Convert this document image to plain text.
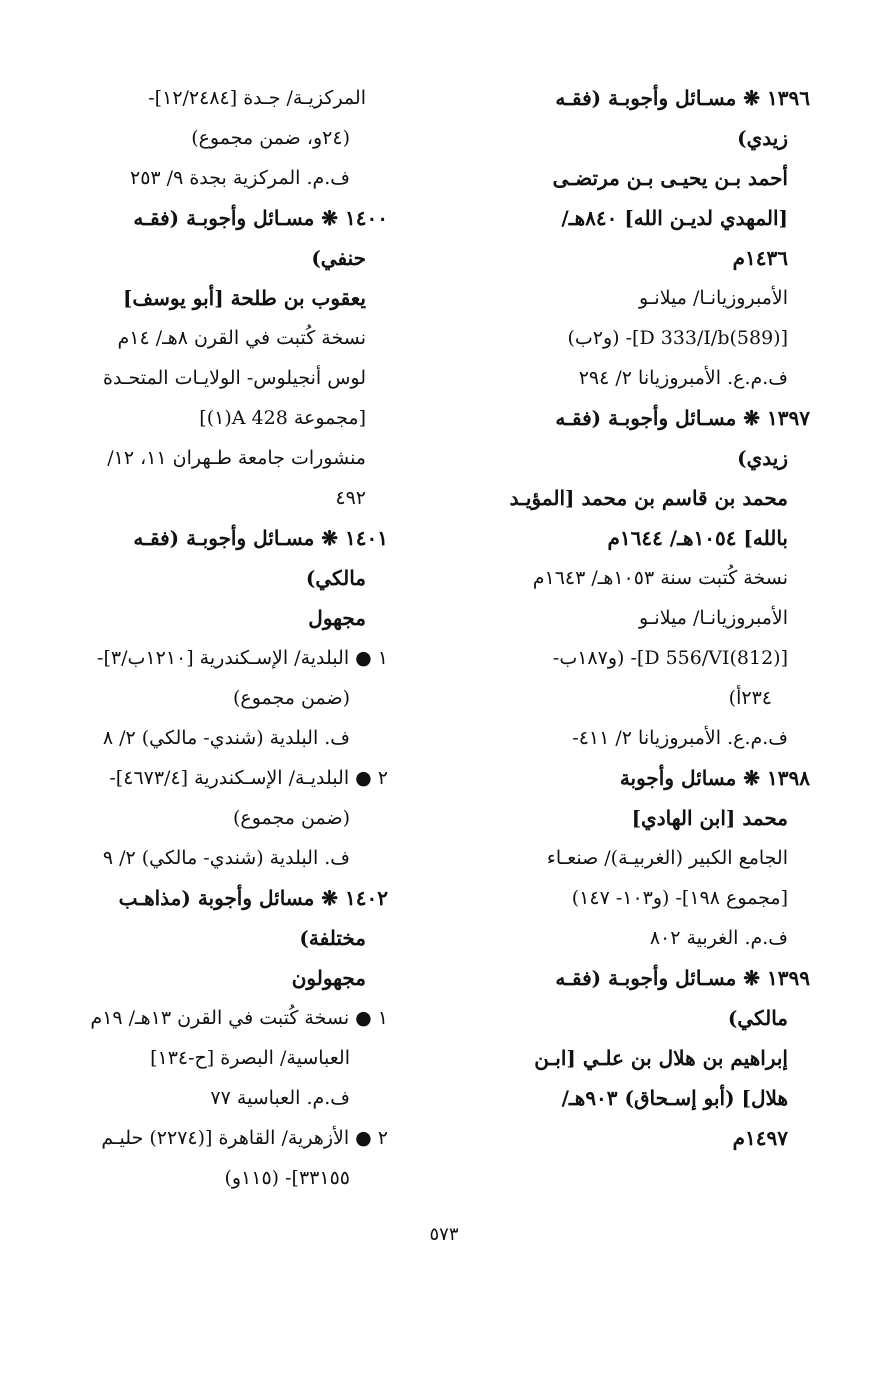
١٣٩٦ ❋ مسـائل وأجوبـة (فقـه
زيدي)
أحمد بـن يحيـى بـن مرتضـى
[المهدي لديـن الله] ٨٤٠هـ/
١٤٣٦م
الأمبروزيانـا/ ميلانـو
[D 333/I/b(589)]- (و٢ب)
ف.م.ع. الأمبروزيانا ٢/ ٢٩٤
١٣٩٧ ❋ مسـائل وأجوبـة (فقـه
زيدي)
محمد بن قاسم بن محمد [المؤيـد
بالله] ١٠٥٤هـ/ ١٦٤٤م
نسخة كُتبت سنة ١٠٥٣هـ/ ١٦٤٣م
الأمبروزيانـا/ ميلانـو
[D 556/VI(812)]- (و١٨٧ب-
٢٣٤أ)
ف.م.ع. الأمبروزيانا ٢/ ٤١١-
١٣٩٨ ❋ مسائل وأجوبة
محمد [ابن الهادي]
الجامع الكبير (الغربيـة)/ صنعـاء
[مجموع ١٩٨]- (و١٠٣- ١٤٧)
ف.م. الغربية ٨٠٢
١٣٩٩ ❋ مسـائل وأجوبـة (فقـه
مالكي)
إبراهيم بن هلال بن علـي [ابـن
هلال] (أبو إسـحاق) ٩٠٣هـ/
١٤٩٧م
المركزيـة/ جـدة [١٢/٢٤٨٤]-
(٢٤و، ضمن مجموع)
ف.م. المركزية بجدة ٩/ ٢٥٣
١٤٠٠ ❋ مسـائل وأجوبـة (فقـه
حنفي)
يعقوب بن طلحة [أبو يوسف]
نسخة كُتبت في القرن ٨هـ/ ١٤م
لوس أنجيلوس- الولايـات المتحـدة
[مجموعة A 428(١)]
منشورات جامعة طـهران ١١، ١٢/
٤٩٢
١٤٠١ ❋ مسـائل وأجوبـة (فقـه
مالكي)
مجهول
١ ● البلدية/ الإسـكندرية [١٢١٠ب/٣]-
(ضمن مجموع)
ف. البلدية (شندي- مالكي) ٢/ ٨
٢ ● البلديـة/ الإسـكندرية [٤٦٧٣/٤]-
(ضمن مجموع)
ف. البلدية (شندي- مالكي) ٢/ ٩
١٤٠٢ ❋ مسائل وأجوبة (مذاهـب
مختلفة)
مجهولون
١ ● نسخة كُتبت في القرن ١٣هـ/ ١٩م
العباسية/ البصرة [ح-١٣٤]
ف.م. العباسية ٧٧
٢ ● الأزهرية/ القاهرة [(٢٢٧٤) حليـم
٣٣١٥٥]- (١١٥و)
٥٧٣
